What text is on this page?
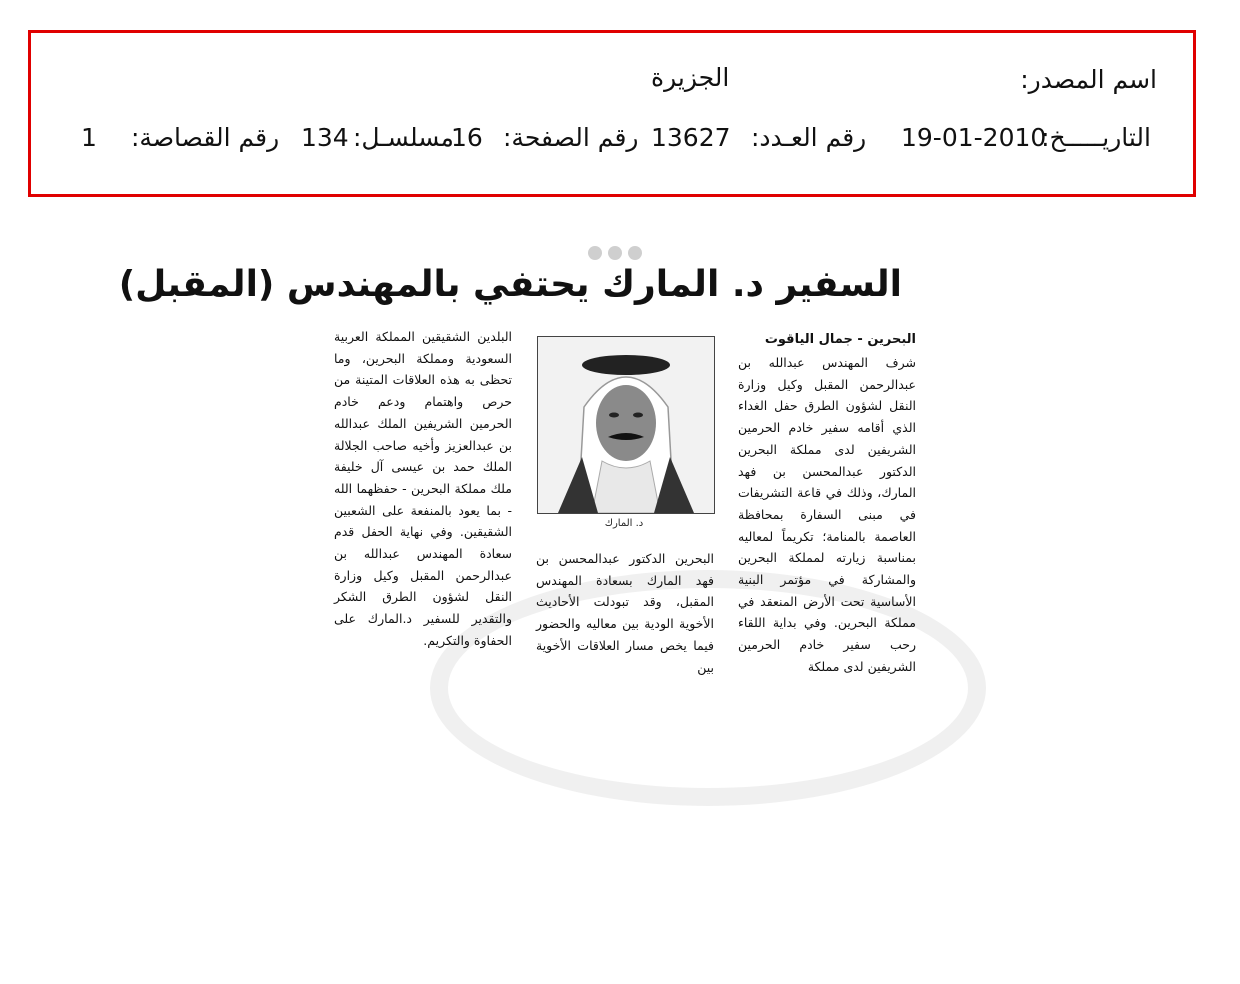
اسم المصدر:
الجزيرة
التاريـــــخ:
19-01-2010
رقم العـدد:
13627
رقم الصفحة:
16
مسلسـل:
134
رقم القصاصة:
1
السفير د. المارك يحتفي بالمهندس (المقبل)
البحرين - جمال الياقوت
شرف المهندس عبدالله بن عبدالرحمن المقبل وكيل وزارة النقل لشؤون الطرق حفل الغداء الذي أقامه سفير خادم الحرمين الشريفين لدى مملكة البحرين الدكتور عبدالمحسن بن فهد المارك، وذلك في قاعة التشريفات في مبنى السفارة بمحافظة العاصمة بالمنامة؛ تكريماً لمعاليه بمناسبة زيارته لمملكة البحرين والمشاركة في مؤتمر البنية الأساسية تحت الأرض المنعقد في مملكة البحرين. وفي بداية اللقاء رحب سفير خادم الحرمين الشريفين لدى مملكة
د. المارك
البحرين الدكتور عبدالمحسن بن فهد المارك بسعادة المهندس المقبل، وقد تبودلت الأحاديث الأخوية الودية بين معاليه والحضور فيما يخص مسار العلاقات الأخوية بين
البلدين الشقيقين المملكة العربية السعودية ومملكة البحرين، وما تحظى به هذه العلاقات المتينة من حرص واهتمام ودعم خادم الحرمين الشريفين الملك عبدالله بن عبدالعزيز وأخيه صاحب الجلالة الملك حمد بن عيسى آل خليفة ملك مملكة البحرين - حفظهما الله - بما يعود بالمنفعة على الشعبين الشقيقين. وفي نهاية الحفل قدم سعادة المهندس عبدالله بن عبدالرحمن المقبل وكيل وزارة النقل لشؤون الطرق الشكر والتقدير للسفير د.المارك على الحفاوة والتكريم.
